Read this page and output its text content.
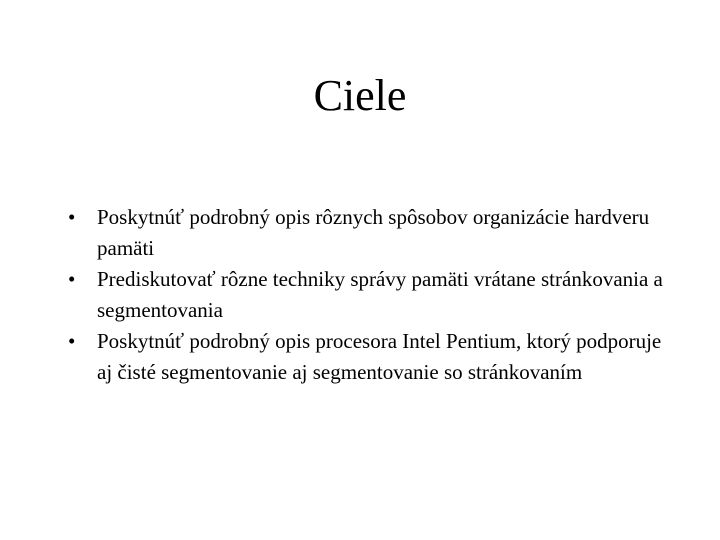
Ciele
• Poskytnúť podrobný opis rôznych spôsobov organizácie hardveru pamäti
• Prediskutovať rôzne techniky správy pamäti vrátane stránkovania a segmentovania
• Poskytnúť podrobný opis procesora Intel Pentium, ktorý podporuje aj čisté segmentovanie aj segmentovanie so stránkovaním
